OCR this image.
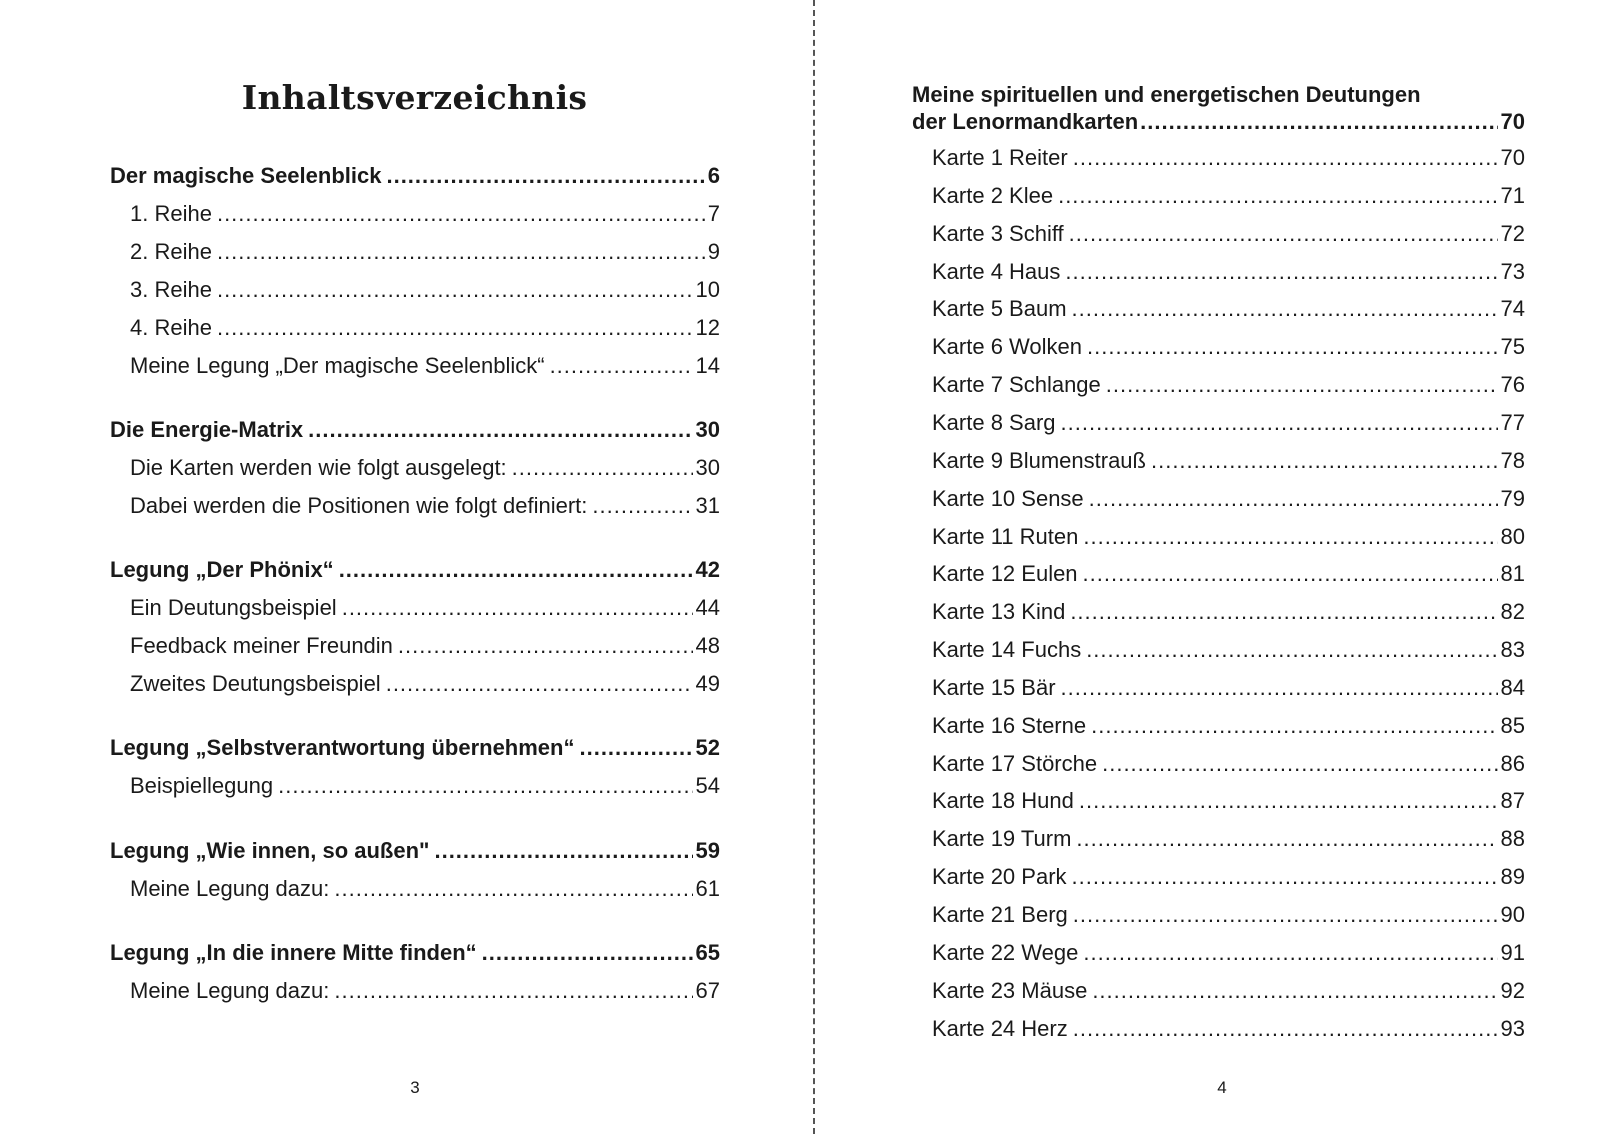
Inhaltsverzeichnis
Der magische Seelenblick .....	6
1. Reihe .....	7
2. Reihe .....	9
3. Reihe .....	10
4. Reihe .....	12
Meine Legung „Der magische Seelenblick“ .....	14
Die Energie-Matrix .....	30
Die Karten werden wie folgt ausgelegt: .....	30
Dabei werden die Positionen wie folgt definiert: .....	31
Legung „Der Phönix“ .....	42
Ein Deutungsbeispiel .....	44
Feedback meiner Freundin .....	48
Zweites Deutungsbeispiel .....	49
Legung „Selbstverantwortung übernehmen“ .....	52
Beispiellegung .....	54
Legung „Wie innen, so außen" .....	59
Meine Legung dazu: .....	61
Legung „In die innere Mitte finden“ .....	65
Meine Legung dazu: .....	67
3
Meine spirituellen und energetischen Deutungen
der Lenormandkarten .....	70
Karte 1 Reiter .....	70
Karte 2 Klee .....	71
Karte 3 Schiff .....	72
Karte 4 Haus .....	73
Karte 5 Baum .....	74
Karte 6 Wolken .....	75
Karte 7 Schlange .....	76
Karte 8 Sarg .....	77
Karte 9 Blumenstrauß .....	78
Karte 10 Sense .....	79
Karte 11 Ruten .....	80
Karte 12 Eulen .....	81
Karte 13 Kind .....	82
Karte 14 Fuchs .....	83
Karte 15 Bär .....	84
Karte 16 Sterne .....	85
Karte 17 Störche .....	86
Karte 18 Hund .....	87
Karte 19 Turm .....	88
Karte 20 Park .....	89
Karte 21 Berg .....	90
Karte 22 Wege .....	91
Karte 23 Mäuse .....	92
Karte 24 Herz .....	93
4
